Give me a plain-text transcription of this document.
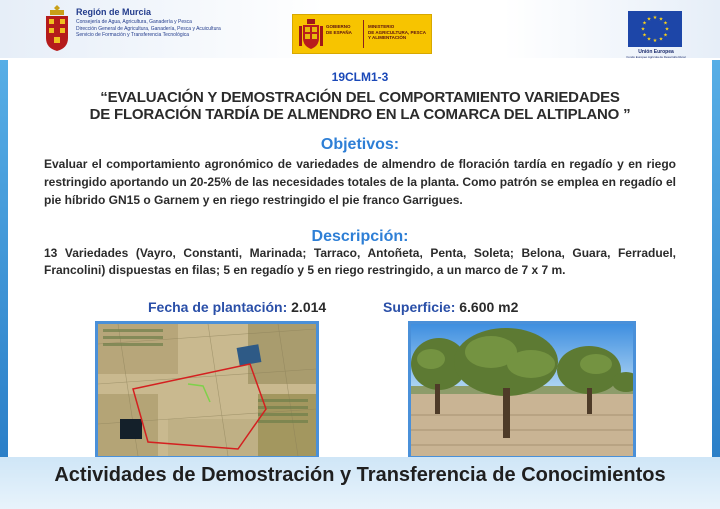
Región de Murcia
Consejería de Agua, Agricultura, Ganadería y Pesca
Dirección General de Agricultura, Ganadería, Pesca y Acuicultura
Servicio de Formación y Transferencia Tecnológica
GOBIERNO
DE ESPAÑA
MINISTERIO
DE AGRICULTURA, PESCA
Y ALIMENTACIÓN
★ ★
★
★
★
★
★
★
★
★
★
★
Unión Europea
Fondo Europeo Agrícola de Desarrollo Rural
19CLM1-3
“EVALUACIÓN Y DEMOSTRACIÓN DEL COMPORTAMIENTO VARIEDADES
DE FLORACIÓN TARDÍA DE ALMENDRO EN LA COMARCA DEL ALTIPLANO ”
Objetivos:
Evaluar el comportamiento agronómico de variedades de almendro de floración tardía en regadío y en riego restringido aportando un 20-25% de las necesidades totales de la planta. Como patrón se emplea en regadío el pie híbrido GN15 o Garnem y en riego restringido el pie franco Garrigues.
Descripción:
13 Variedades (Vayro, Constanti, Marinada; Tarraco, Antoñeta, Penta, Soleta; Belona, Guara, Ferraduel, Francolini) dispuestas en filas; 5 en regadío y 5 en riego restringido, a un marco de 7 x 7 m.
Fecha de plantación: 2.014	Superficie: 6.600 m2
Actividades de Demostración y Transferencia de Conocimientos
